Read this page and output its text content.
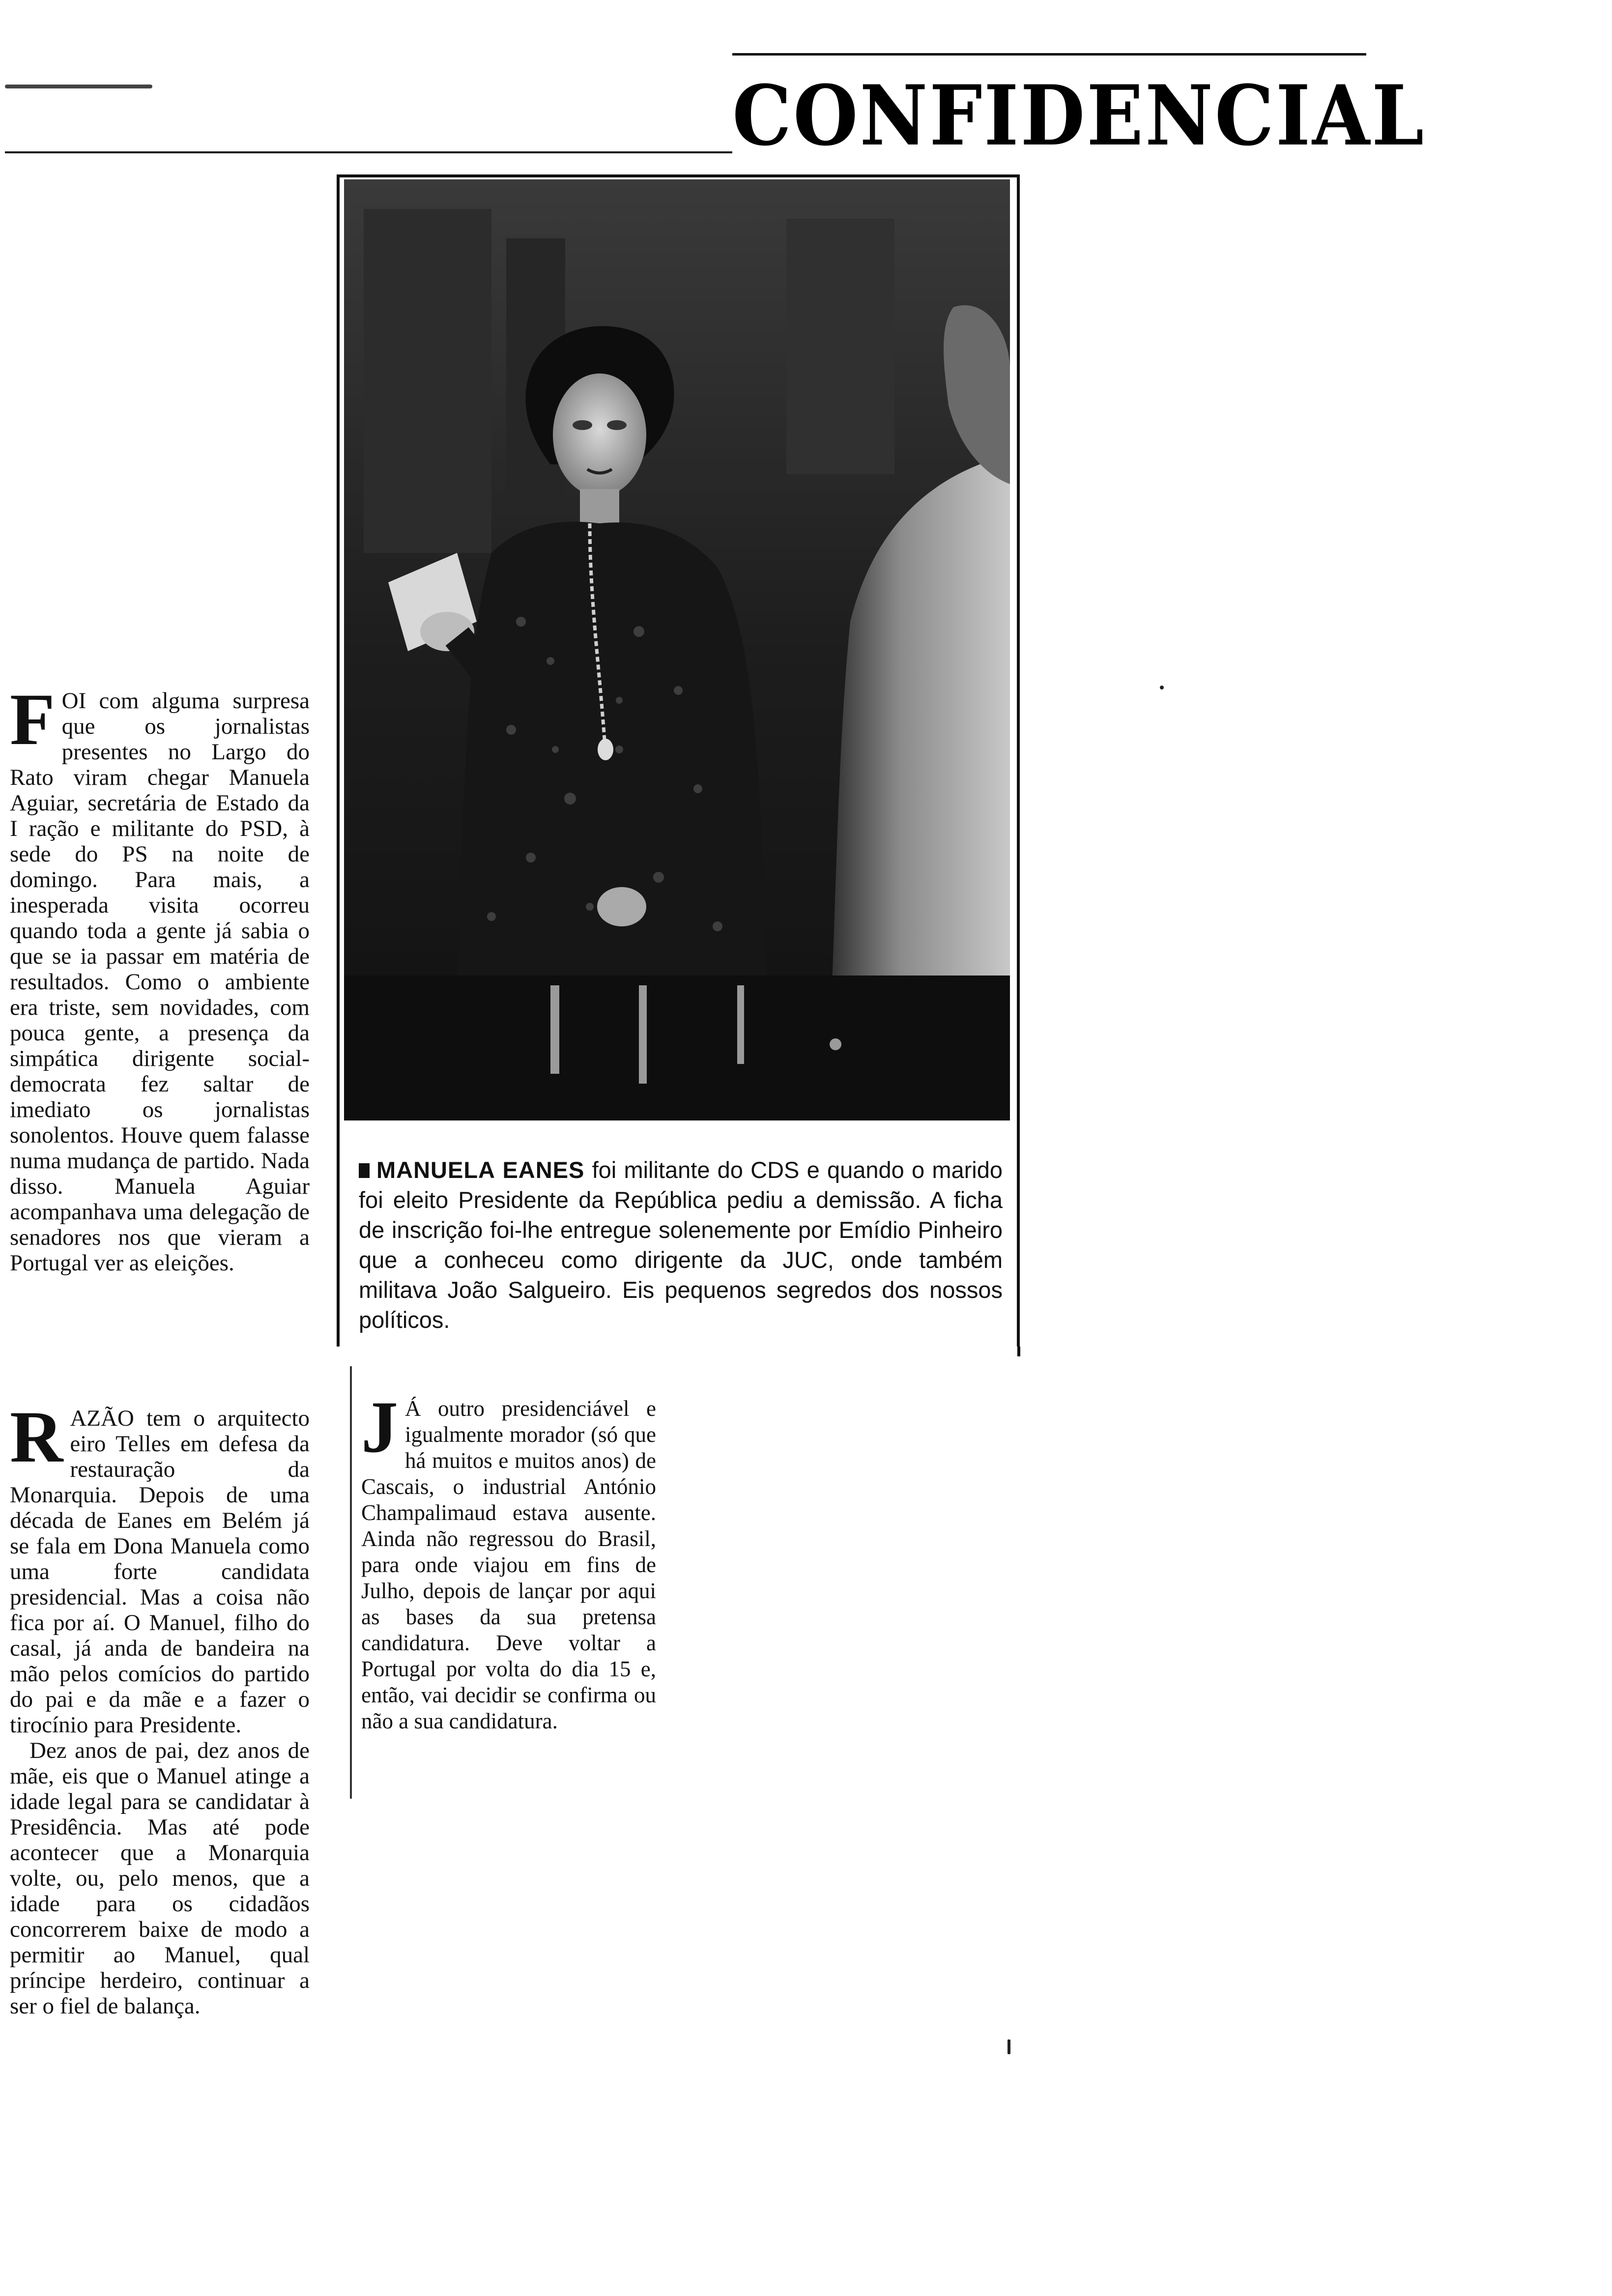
CONFIDENCIAL
MANUELA EANES foi militante do CDS e quando o marido foi eleito Presidente da República pediu a demissão. A ficha de inscrição foi-lhe entregue solenemente por Emídio Pinheiro que a conheceu como dirigente da JUC, onde também militava João Salgueiro. Eis pequenos segredos dos nossos políticos.

F OI com alguma surpresa que os jornalistas presentes no Largo do Rato viram chegar Manuela Aguiar, secretária de Estado da I ração e militante do PSD, à sede do PS na noite de domingo. Para mais, a inesperada visita ocorreu quando toda a gente já sabia o que se ia passar em matéria de resultados. Como o ambiente era triste, sem novidades, com pouca gente, a presença da simpática dirigente social-democrata fez saltar de imediato os jornalistas sonolentos. Houve quem falasse numa mudança de partido. Nada disso. Manuela Aguiar acompanhava uma delegação de senadores nos que vieram a Portugal ver as eleições.

R AZÃO tem o arquitecto eiro Telles em defesa da restauração da Monarquia. Depois de uma década de Eanes em Belém já se fala em Dona Manuela como uma forte candidata presidencial. Mas a coisa não fica por aí. O Manuel, filho do casal, já anda de bandeira na mão pelos comícios do partido do pai e da mãe e a fazer o tirocínio para Presidente.

Dez anos de pai, dez anos de mãe, eis que o Manuel atinge a idade legal para se candidatar à Presidência. Mas até pode acontecer que a Monarquia volte, ou, pelo menos, que a idade para os cidadãos concorrerem baixe de modo a permitir ao Manuel, qual príncipe herdeiro, continuar a ser o fiel de balança.

J Á outro presidenciável e igualmente morador (só que há muitos e muitos anos) de Cascais, o industrial António Champalimaud estava ausente. Ainda não regressou do Brasil, para onde viajou em fins de Julho, depois de lançar por aqui as bases da sua pretensa candidatura. Deve voltar a Portugal por volta do dia 15 e, então, vai decidir se confirma ou não a sua candidatura.
